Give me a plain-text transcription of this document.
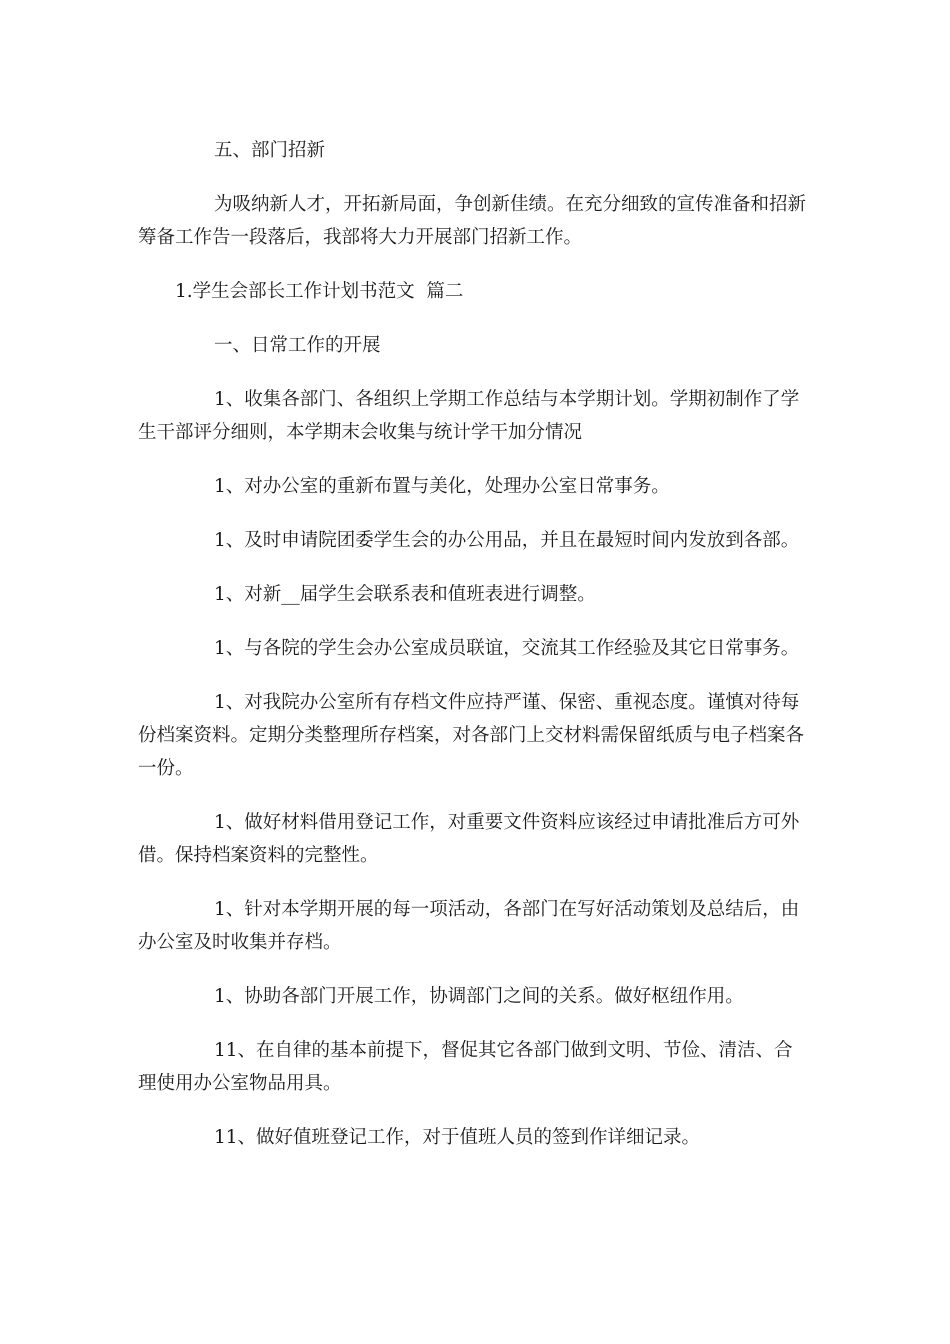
五、部门招新

为吸纳新人才，开拓新局面，争创新佳绩。在充分细致的宣传准备和招新筹备工作告一段落后，我部将大力开展部门招新工作。

1.学生会部长工作计划书范文  篇二

一、日常工作的开展

1、收集各部门、各组织上学期工作总结与本学期计划。学期初制作了学生干部评分细则，本学期末会收集与统计学干加分情况

1、对办公室的重新布置与美化，处理办公室日常事务。

1、及时申请院团委学生会的办公用品，并且在最短时间内发放到各部。

1、对新__届学生会联系表和值班表进行调整。

1、与各院的学生会办公室成员联谊，交流其工作经验及其它日常事务。

1、对我院办公室所有存档文件应持严谨、保密、重视态度。谨慎对待每份档案资料。定期分类整理所存档案，对各部门上交材料需保留纸质与电子档案各一份。

1、做好材料借用登记工作，对重要文件资料应该经过申请批准后方可外借。保持档案资料的完整性。

1、针对本学期开展的每一项活动，各部门在写好活动策划及总结后，由办公室及时收集并存档。

1、协助各部门开展工作，协调部门之间的关系。做好枢纽作用。

11、在自律的基本前提下，督促其它各部门做到文明、节俭、清洁、合理使用办公室物品用具。

11、做好值班登记工作，对于值班人员的签到作详细记录。
